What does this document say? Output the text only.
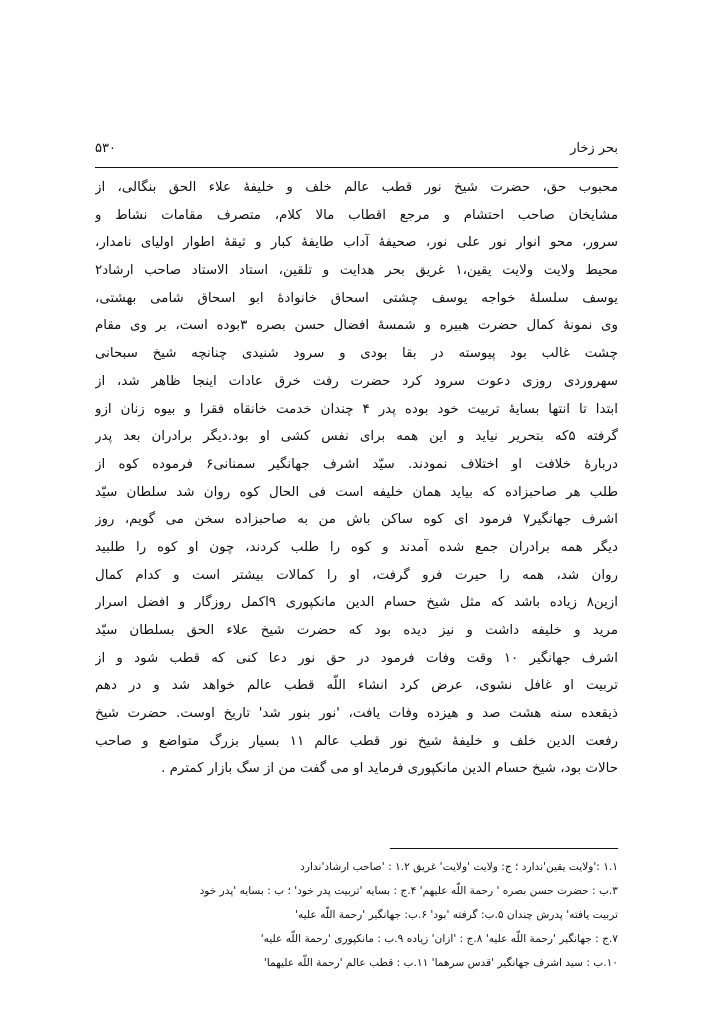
بحر زخار
۵۳۰
محبوب حق، حضرت شیخ نور قطب عالم خلف و خلیفهٔ علاء الحق بنگالی، از
مشایخان صاحب احتشام و مرجع اقطاب مالا کلام، متصرف مقامات نشاط و
سرور، محو انوار نور علی نور، صحیفهٔ آداب طایفهٔ کبار و ثیقهٔ اطوار اولیای نامدار،
محیط ولایت ولایت یقین،۱ غریق بحر هدایت و تلقین، استاد الاستاد صاحب ارشاد۲
یوسف سلسلهٔ خواجه یوسف چشتی اسحاق خانوادهٔ ابو اسحاق شامی بهشتی،
وی نمونهٔ کمال حضرت هبیره و شمسهٔ افضال حسن بصره ۳بوده است، بر وی مقام
چشت غالب بود پیوسته در بقا بودی و سرود شنیدی چنانچه شیخ سبحانی
سهروردی روزی دعوت سرود کرد حضرت رفت خرق عادات اینجا ظاهر شد، از
ابتدا تا انتها بسایهٔ تربیت خود بوده پدر ۴ چندان خدمت خانقاه فقرا و بیوه زنان ازو
گرفته ۵که بتحریر نیاید و این همه برای نفس کشی او بود.دیگر برادران بعد پدر
دربارهٔ خلافت او اختلاف نمودند. سیّد اشرف جهانگیر سمنانی۶ فرموده کوه از
طلب هر صاحبزاده که بیاید همان خلیفه است فی الحال کوه روان شد سلطان سیّد
اشرف جهانگیر۷ فرمود ای کوه ساکن باش من به صاحبزاده سخن می گویم، روز
دیگر همه برادران جمع شده آمدند و کوه را طلب کردند، چون او کوه را طلبید
روان شد، همه را حیرت فرو گرفت، او را کمالات بیشتر است و کدام کمال
ازین۸ زیاده باشد که مثل شیخ حسام الدین مانکپوری ۹اکمل روزگار و افضل اسرار
مرید و خلیفه داشت و نیز دیده بود که حضرت شیخ علاء الحق بسلطان سیّد
اشرف جهانگیر ۱۰ وقت وفات فرمود در حق نور دعا کنی که قطب شود و از
تربیت او غافل نشوی، عرض کرد انشاء اللّه قطب عالم خواهد شد و در دهم
ذیقعده سنه هشت صد و هیزده وفات یافت، 'نور بنور شد' تاریخ اوست. حضرت شیخ
رفعت الدین خلف و خلیفهٔ شیخ نور قطب عالم ۱۱ بسیار بزرگ متواضع و صاحب
حالات بود، شیخ حسام الدین مانکپوری فرماید او می گفت من از سگ بازار کمترم .
۱.۱ :'ولایت یقین'ندارد ؛ ج: ولایت 'ولایت' غریق ۱.۲ : 'صاحب ارشاد'ندارد
۳.ب : حضرت حسن بصره ' رحمة اللّه علیهم' ۴.ج : بسایه 'تربیت پدر خود' ؛ ب : بسایه 'پدر خود
تربیت یافته' پدرش چندان ۵.ب: گرفته 'بود' ۶.ب: جهانگیر 'رحمة اللّه علیه'
۷.ج : جهانگیر 'رحمة اللّه علیه' ۸.ج : 'ازان' زیاده ۹.ب : مانکپوری 'رحمة اللّه علیه'
۱۰.ب : سید اشرف جهانگیر 'قدس سرهما' ۱۱.ب : قطب عالم 'رحمة اللّه علیهما'
